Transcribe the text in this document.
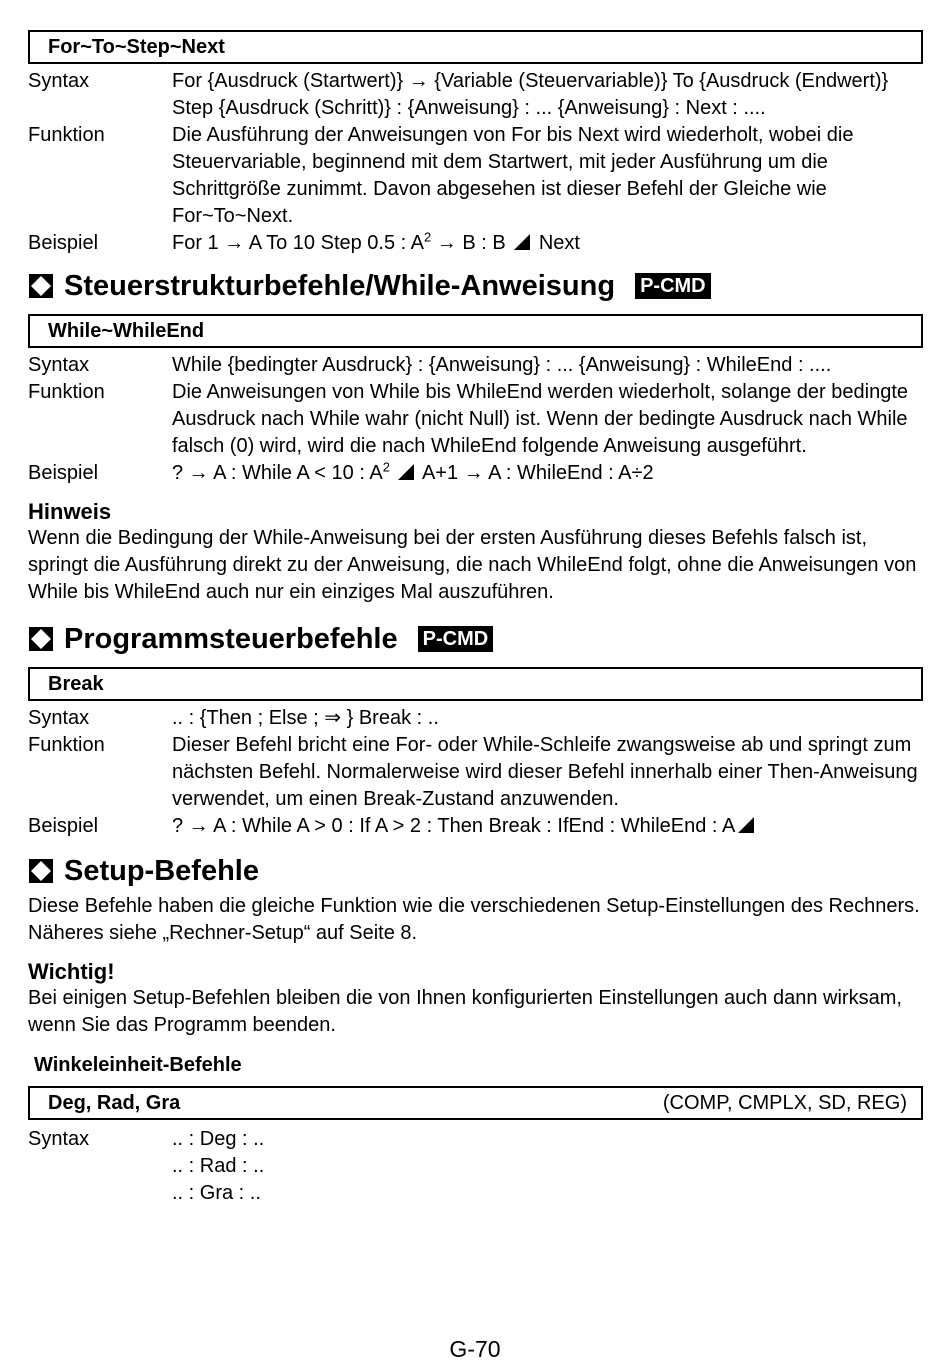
For~To~Step~Next
Syntax	For {Ausdruck (Startwert)} → {Variable (Steuervariable)} To {Ausdruck (Endwert)} Step {Ausdruck (Schritt)} : {Anweisung} : ... {Anweisung} : Next : ....
Funktion	Die Ausführung der Anweisungen von For bis Next wird wiederholt, wobei die Steuervariable, beginnend mit dem Startwert, mit jeder Ausführung um die Schrittgröße zunimmt. Davon abgesehen ist dieser Befehl der Gleiche wie For~To~Next.
Beispiel	For 1 → A To 10 Step 0.5 : $A^2 \to B$ : B Next
Steuerstrukturbefehle/While-Anweisung P-CMD
While~WhileEnd
Syntax	While {bedingter Ausdruck} : {Anweisung} : ... {Anweisung} : WhileEnd : ....
Funktion	Die Anweisungen von While bis WhileEnd werden wiederholt, solange der bedingte Ausdruck nach While wahr (nicht Null) ist. Wenn der bedingte Ausdruck nach While falsch (0) wird, wird die nach WhileEnd folgende Anweisung ausgeführt.
Beispiel	? → A : While A < 10 : $A^2$ A+1 → A : WhileEnd : A÷2
Hinweis
Wenn die Bedingung der While-Anweisung bei der ersten Ausführung dieses Befehls falsch ist, springt die Ausführung direkt zu der Anweisung, die nach WhileEnd folgt, ohne die Anweisungen von While bis WhileEnd auch nur ein einziges Mal auszuführen.
Programmsteuerbefehle P-CMD
Break
Syntax	.. : {Then ; Else ; ⇒ } Break : ..
Funktion	Dieser Befehl bricht eine For- oder While-Schleife zwangsweise ab und springt zum nächsten Befehl. Normalerweise wird dieser Befehl innerhalb einer Then-Anweisung verwendet, um einen Break-Zustand anzuwenden.
Beispiel	? → A : While A > 0 : If A > 2 : Then Break : IfEnd : WhileEnd : A
Setup-Befehle
Diese Befehle haben die gleiche Funktion wie die verschiedenen Setup-Einstellungen des Rechners. Näheres siehe „Rechner-Setup“ auf Seite 8.
Wichtig!
Bei einigen Setup-Befehlen bleiben die von Ihnen konfigurierten Einstellungen auch dann wirksam, wenn Sie das Programm beenden.
Winkeleinheit-Befehle
Deg, Rad, Gra	(COMP, CMPLX, SD, REG)
Syntax	.. : Deg : ..
.. : Rad : ..
.. : Gra : ..
G-70
